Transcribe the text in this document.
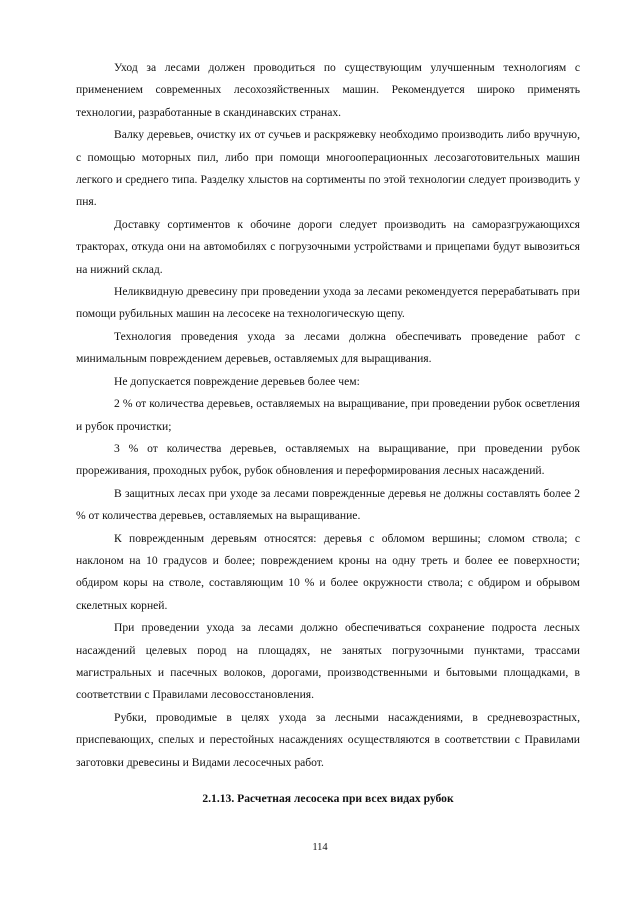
Уход за лесами должен проводиться по существующим улучшенным технологиям с применением современных лесохозяйственных машин. Рекомендуется широко применять технологии, разработанные в скандинавских странах.

Валку деревьев, очистку их от сучьев и раскряжевку необходимо производить либо вручную, с помощью моторных пил, либо при помощи многооперационных лесозаготовительных машин легкого и среднего типа. Разделку хлыстов на сортименты по этой технологии следует производить у пня.

Доставку сортиментов к обочине дороги следует производить на саморазгружающихся тракторах, откуда они на автомобилях с погрузочными устройствами и прицепами будут вывозиться на нижний склад.

Неликвидную древесину при проведении ухода за лесами рекомендуется перерабатывать при помощи рубильных машин на лесосеке на технологическую щепу.

Технология проведения ухода за лесами должна обеспечивать проведение работ с минимальным повреждением деревьев, оставляемых для выращивания.

Не допускается повреждение деревьев более чем:

2 % от количества деревьев, оставляемых на выращивание, при проведении рубок осветления и рубок прочистки;

3 % от количества деревьев, оставляемых на выращивание, при проведении рубок прореживания, проходных рубок, рубок обновления и переформирования лесных насаждений.

В защитных лесах при уходе за лесами поврежденные деревья не должны составлять более 2 % от количества деревьев, оставляемых на выращивание.

К поврежденным деревьям относятся: деревья с обломом вершины; сломом ствола; с наклоном на 10 градусов и более; повреждением кроны на одну треть и более ее поверхности; обдиром коры на стволе, составляющим 10 % и более окружности ствола; с обдиром и обрывом скелетных корней.

При проведении ухода за лесами должно обеспечиваться сохранение подроста лесных насаждений целевых пород на площадях, не занятых погрузочными пунктами, трассами магистральных и пасечных волоков, дорогами, производственными и бытовыми площадками, в соответствии с Правилами лесовосстановления.

Рубки, проводимые в целях ухода за лесными насаждениями, в средневозрастных, приспевающих, спелых и перестойных насаждениях осуществляются в соответствии с Правилами заготовки древесины и Видами лесосечных работ.

2.1.13. Расчетная лесосека при всех видах рубок
114
